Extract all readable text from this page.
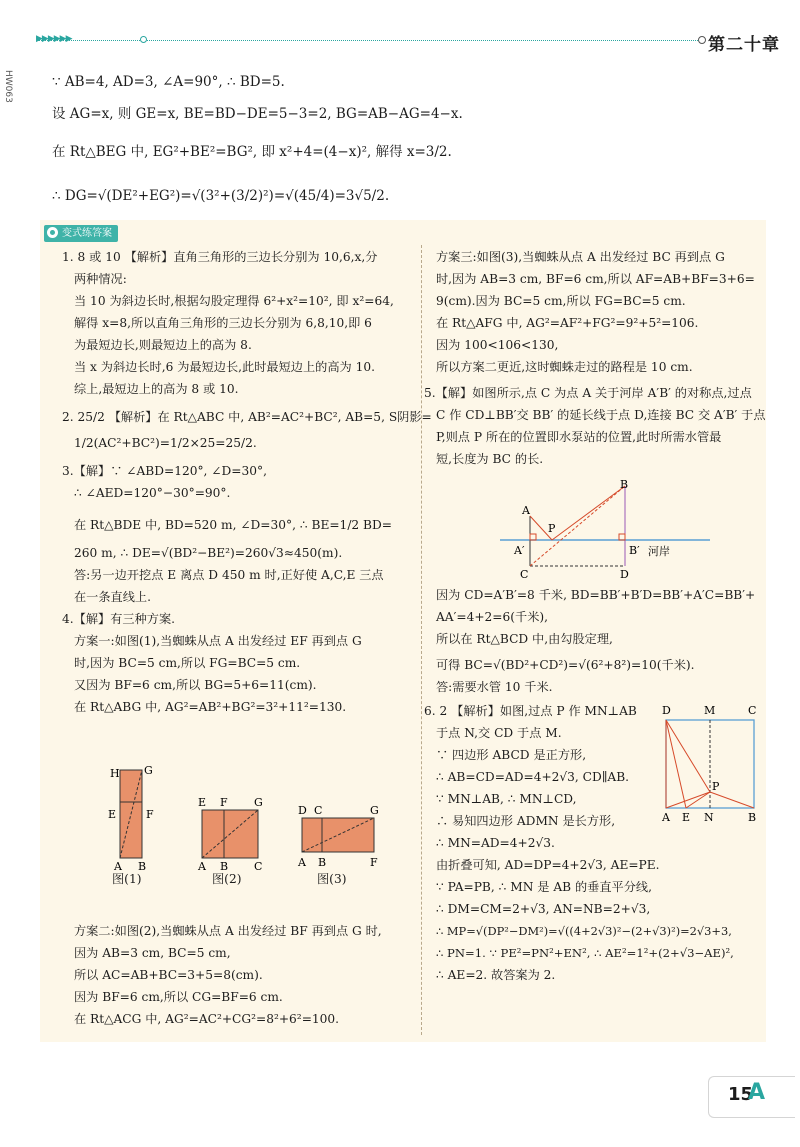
▶▶▶▶▶▶	第二十章
HW063	∵ AB=4, AD=3, ∠A=90°, ∴ BD=5.
设 AG=x, 则 GE=x, BE=BD−DE=5−3=2, BG=AB−AG=4−x.
在 Rt△BEG 中, EG²+BE²=BG², 即 x²+4=(4−x)², 解得 x=3/2.
∴ DG=√(DE²+EG²)=√(3²+(3/2)²)=√(45/4)=3√5/2.
变式练答案
1. 8 或 10 【解析】直角三角形的三边长分别为 10,6,x,分
两种情况:
当 10 为斜边长时,根据勾股定理得 6²+x²=10², 即 x²=64,
解得 x=8,所以直角三角形的三边长分别为 6,8,10,即 6
为最短边长,则最短边上的高为 8.
当 x 为斜边长时,6 为最短边长,此时最短边上的高为 10.
综上,最短边上的高为 8 或 10.
2. 25/2 【解析】在 Rt△ABC 中, AB²=AC²+BC², AB=5, S阴影=
1/2(AC²+BC²)=1/2×25=25/2.
3.【解】∵ ∠ABD=120°, ∠D=30°,
∴ ∠AED=120°−30°=90°.
在 Rt△BDE 中, BD=520 m, ∠D=30°, ∴ BE=1/2 BD=
260 m, ∴ DE=√(BD²−BE²)=260√3≈450(m).
答:另一边开挖点 E 离点 D 450 m 时,正好使 A,C,E 三点
在一条直线上.
4.【解】有三种方案.
方案一:如图(1),当蜘蛛从点 A 出发经过 EF 再到点 G
时,因为 BC=5 cm,所以 FG=BC=5 cm.
又因为 BF=6 cm,所以 BG=5+6=11(cm).
在 Rt△ABG 中, AG²=AB²+BG²=3²+11²=130.
H G
E	F
A B
E F G
A B C
D C	G
A B	F
图(1)	图(2)	图(3)
方案二:如图(2),当蜘蛛从点 A 出发经过 BF 再到点 G 时,
因为 AB=3 cm, BC=5 cm,
所以 AC=AB+BC=3+5=8(cm).
因为 BF=6 cm,所以 CG=BF=6 cm.
在 Rt△ACG 中, AG²=AC²+CG²=8²+6²=100.
方案三:如图(3),当蜘蛛从点 A 出发经过 BC 再到点 G
时,因为 AB=3 cm, BF=6 cm,所以 AF=AB+BF=3+6=
9(cm).因为 BC=5 cm,所以 FG=BC=5 cm.
在 Rt△AFG 中, AG²=AF²+FG²=9²+5²=106.
因为 100<106<130,
所以方案二更近,这时蜘蛛走过的路程是 10 cm.
5.【解】如图所示,点 C 为点 A 关于河岸 A′B′ 的对称点,过点
C 作 CD⊥BB′交 BB′ 的延长线于点 D,连接 BC 交 A′B′ 于点
P,则点 P 所在的位置即水泵站的位置,此时所需水管最
短,长度为 BC 的长.
A
B
P
A′	B′
C	D
河岸
因为 CD=A′B′=8 千米, BD=BB′+B′D=BB′+A′C=BB′+
AA′=4+2=6(千米),
所以在 Rt△BCD 中,由勾股定理,
可得 BC=√(BD²+CD²)=√(6²+8²)=10(千米).
答:需要水管 10 千米.
D	M	C
P
A E N	B
6. 2 【解析】如图,过点 P 作 MN⊥AB
于点 N,交 CD 于点 M.
∵ 四边形 ABCD 是正方形,
∴ AB=CD=AD=4+2√3, CD∥AB.
∵ MN⊥AB, ∴ MN⊥CD,
∴ 易知四边形 ADMN 是长方形,
∴ MN=AD=4+2√3.
由折叠可知, AD=DP=4+2√3, AE=PE.
∵ PA=PB, ∴ MN 是 AB 的垂直平分线,
∴ DM=CM=2+√3, AN=NB=2+√3,
∴ MP=√(DP²−DM²)=√((4+2√3)²−(2+√3)²)=2√3+3,
∴ PN=1. ∵ PE²=PN²+EN², ∴ AE²=1²+(2+√3−AE)²,
∴ AE=2. 故答案为 2.
15
A
